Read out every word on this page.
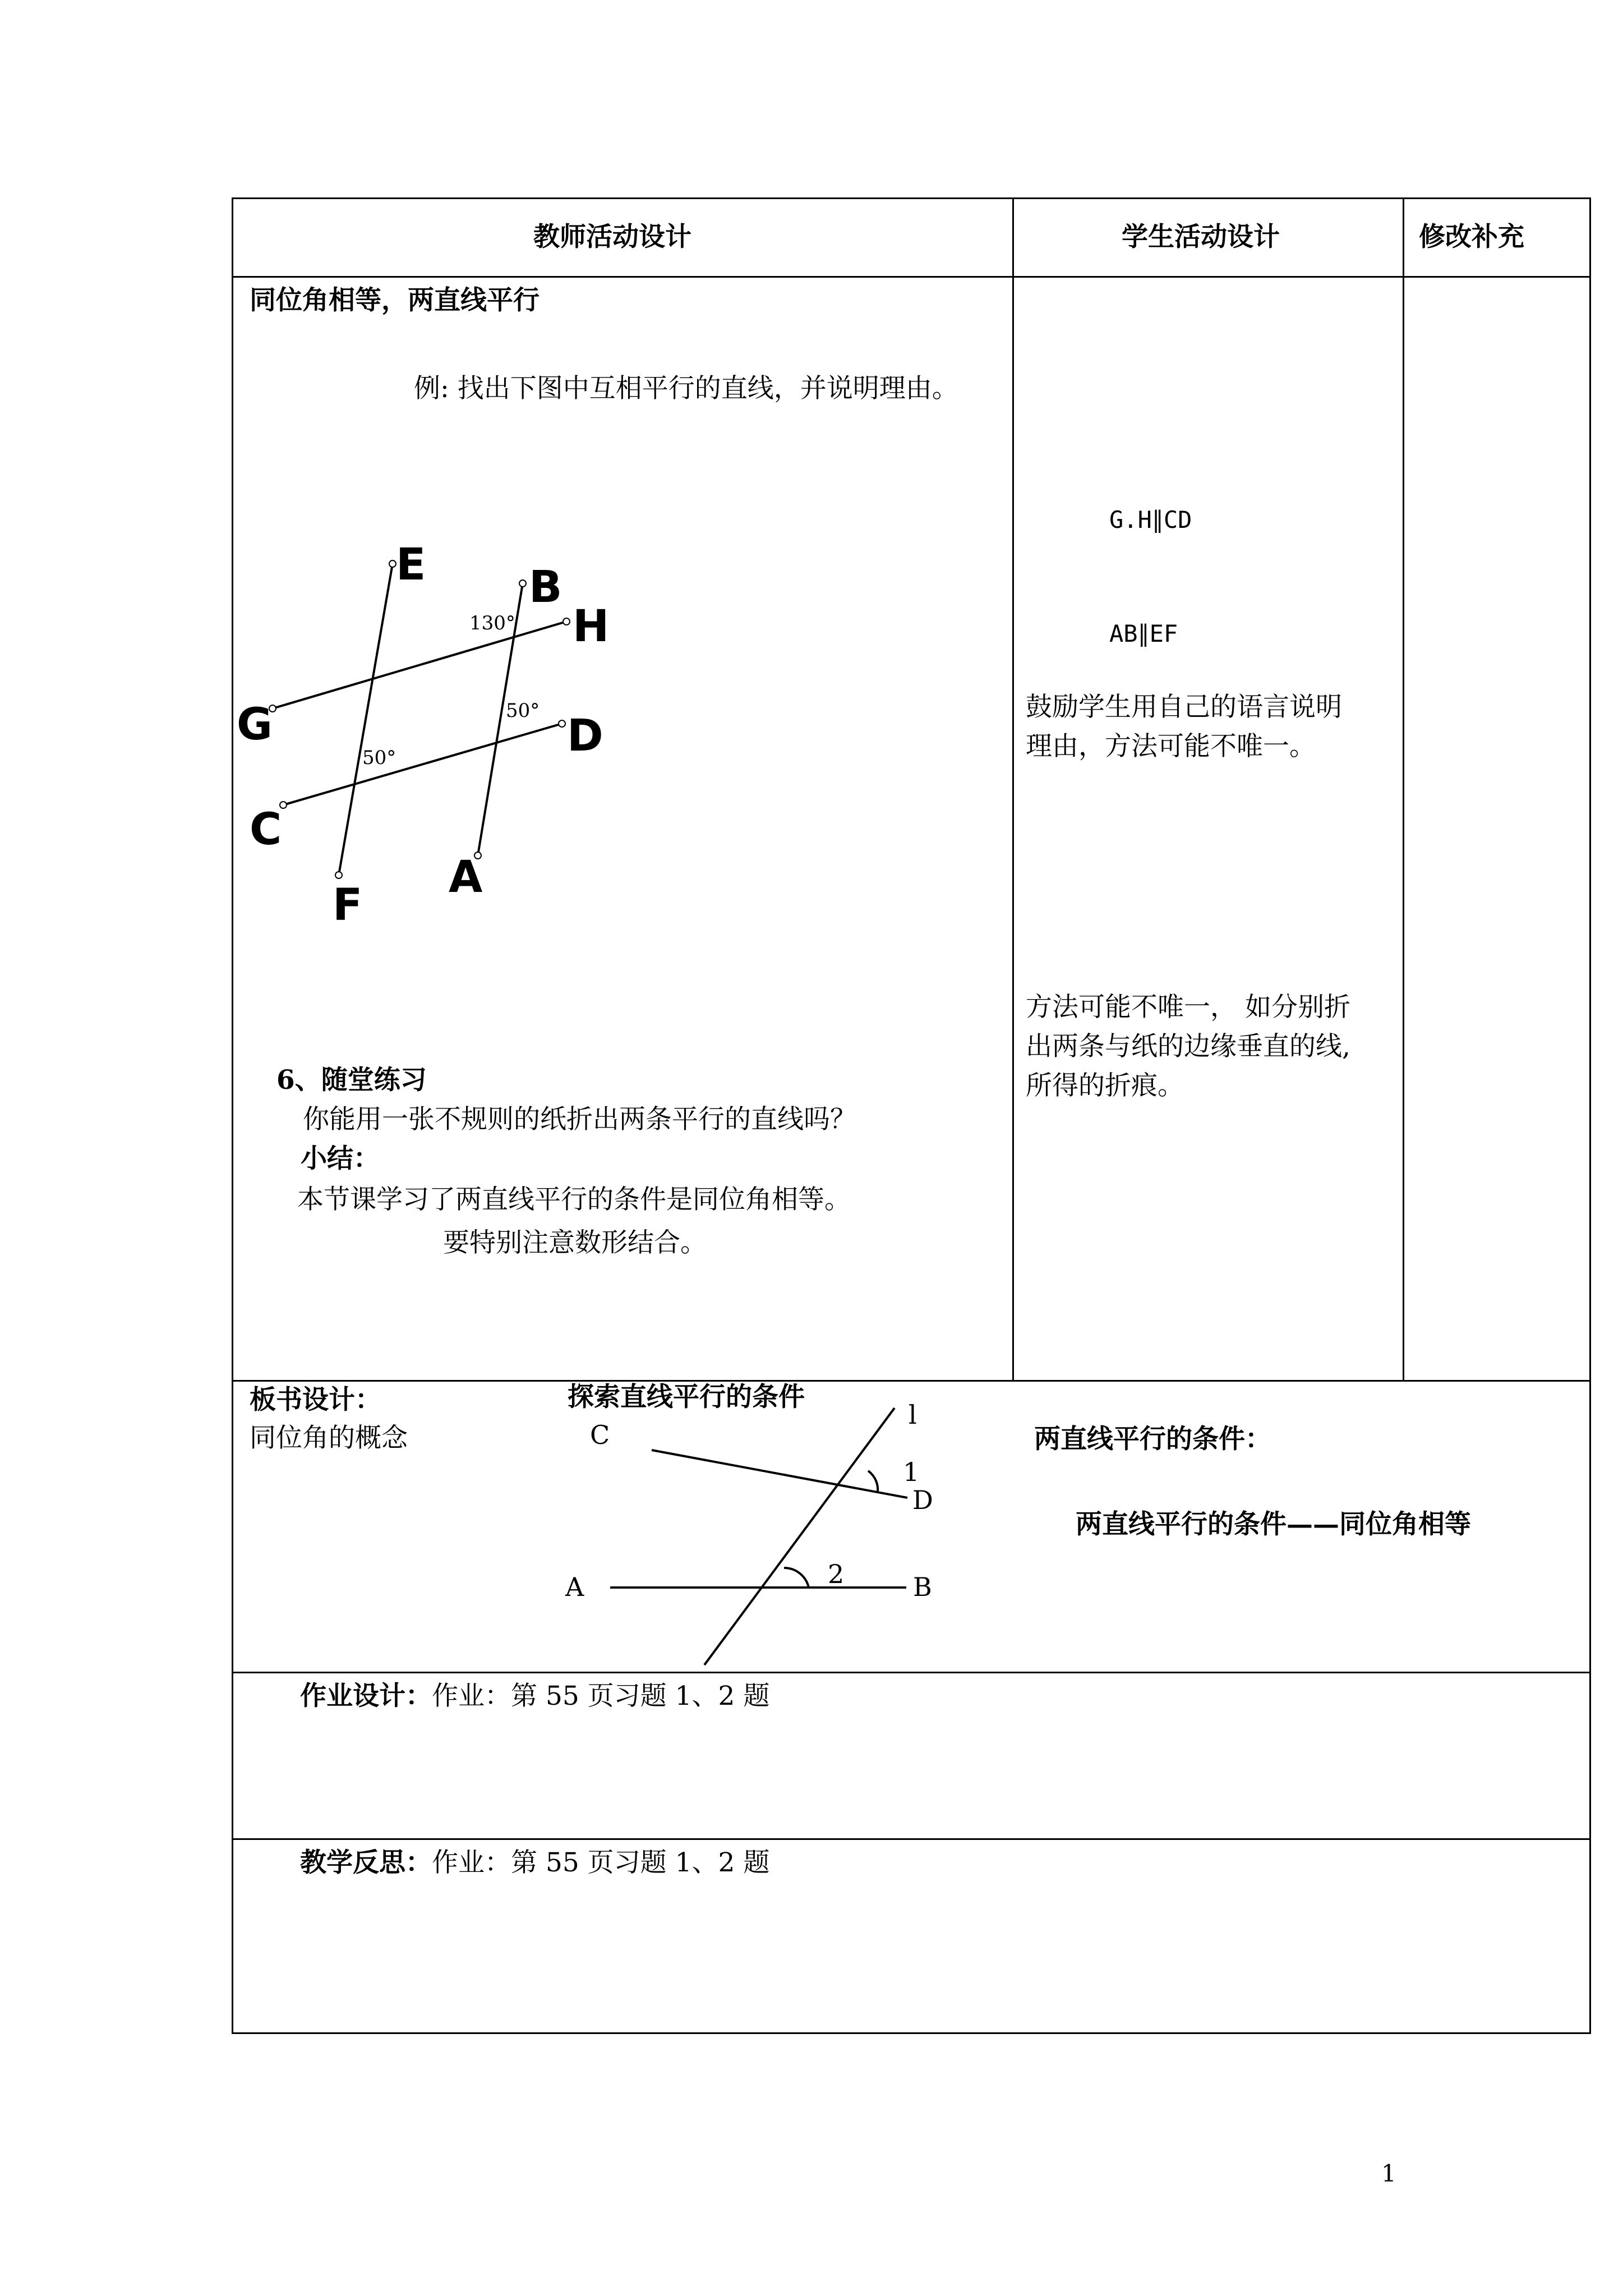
教师活动设计	学生活动设计	修改补充
同位角相等，两直线平行
例: 找出下图中互相平行的直线，并说明理由。
E B
H
G	D
C
A
F
130°
50°
50°
6、随堂练习
你能用一张不规则的纸折出两条平行的直线吗？
小结：
本节课学习了两直线平行的条件是同位角相等。
要特别注意数形结合。
G.H∥CD
AB∥EF
鼓励学生用自己的语言说明
理由，方法可能不唯一。
方法可能不唯一， 如分别折
出两条与纸的边缘垂直的线,
所得的折痕。
板书设计：
同位角的概念
探索直线平行的条件
两直线平行的条件：
两直线平行的条件——同位角相等
l
C
D
A	B
1
2
作业设计：作业：第 55 页习题 1、2 题
教学反思：作业：第 55 页习题 1、2 题
1
